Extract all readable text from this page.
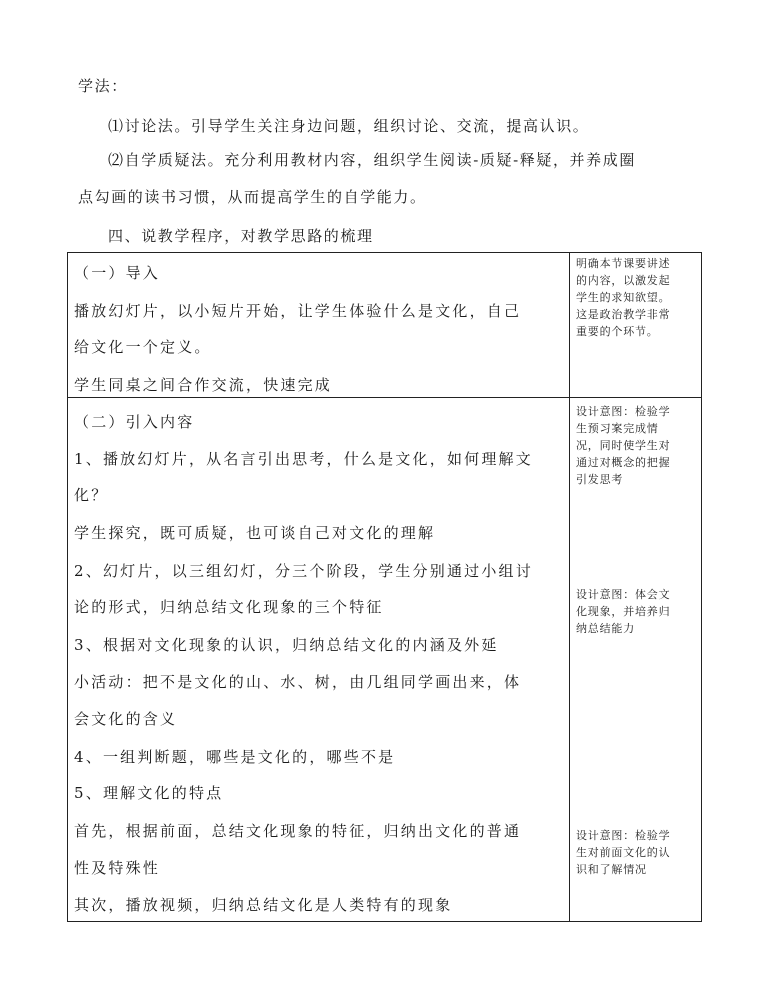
学法：
⑴讨论法。引导学生关注身边问题，组织讨论、交流，提高认识。
⑵自学质疑法。充分利用教材内容，组织学生阅读-质疑-释疑，并养成圈
点勾画的读书习惯，从而提高学生的自学能力。
四、说教学程序，对教学思路的梳理
（一）导入
播放幻灯片，以小短片开始，让学生体验什么是文化，自己
给文化一个定义。
学生同桌之间合作交流，快速完成
明确本节课要讲述
的内容，以激发起
学生的求知欲望。
这是政治教学非常
重要的个环节。
（二）引入内容
1、播放幻灯片，从名言引出思考，什么是文化，如何理解文
化？
学生探究，既可质疑，也可谈自己对文化的理解
2、幻灯片，以三组幻灯，分三个阶段，学生分别通过小组讨
论的形式，归纳总结文化现象的三个特征
3、根据对文化现象的认识，归纳总结文化的内涵及外延
小活动：把不是文化的山、水、树，由几组同学画出来，体
会文化的含义
4、一组判断题，哪些是文化的，哪些不是
5、理解文化的特点
首先，根据前面，总结文化现象的特征，归纳出文化的普通
性及特殊性
其次，播放视频，归纳总结文化是人类特有的现象
设计意图：检验学
生预习案完成情
况，同时使学生对
通过对概念的把握
引发思考
设计意图：体会文
化现象，并培养归
纳总结能力
设计意图：检验学
生对前面文化的认
识和了解情况
